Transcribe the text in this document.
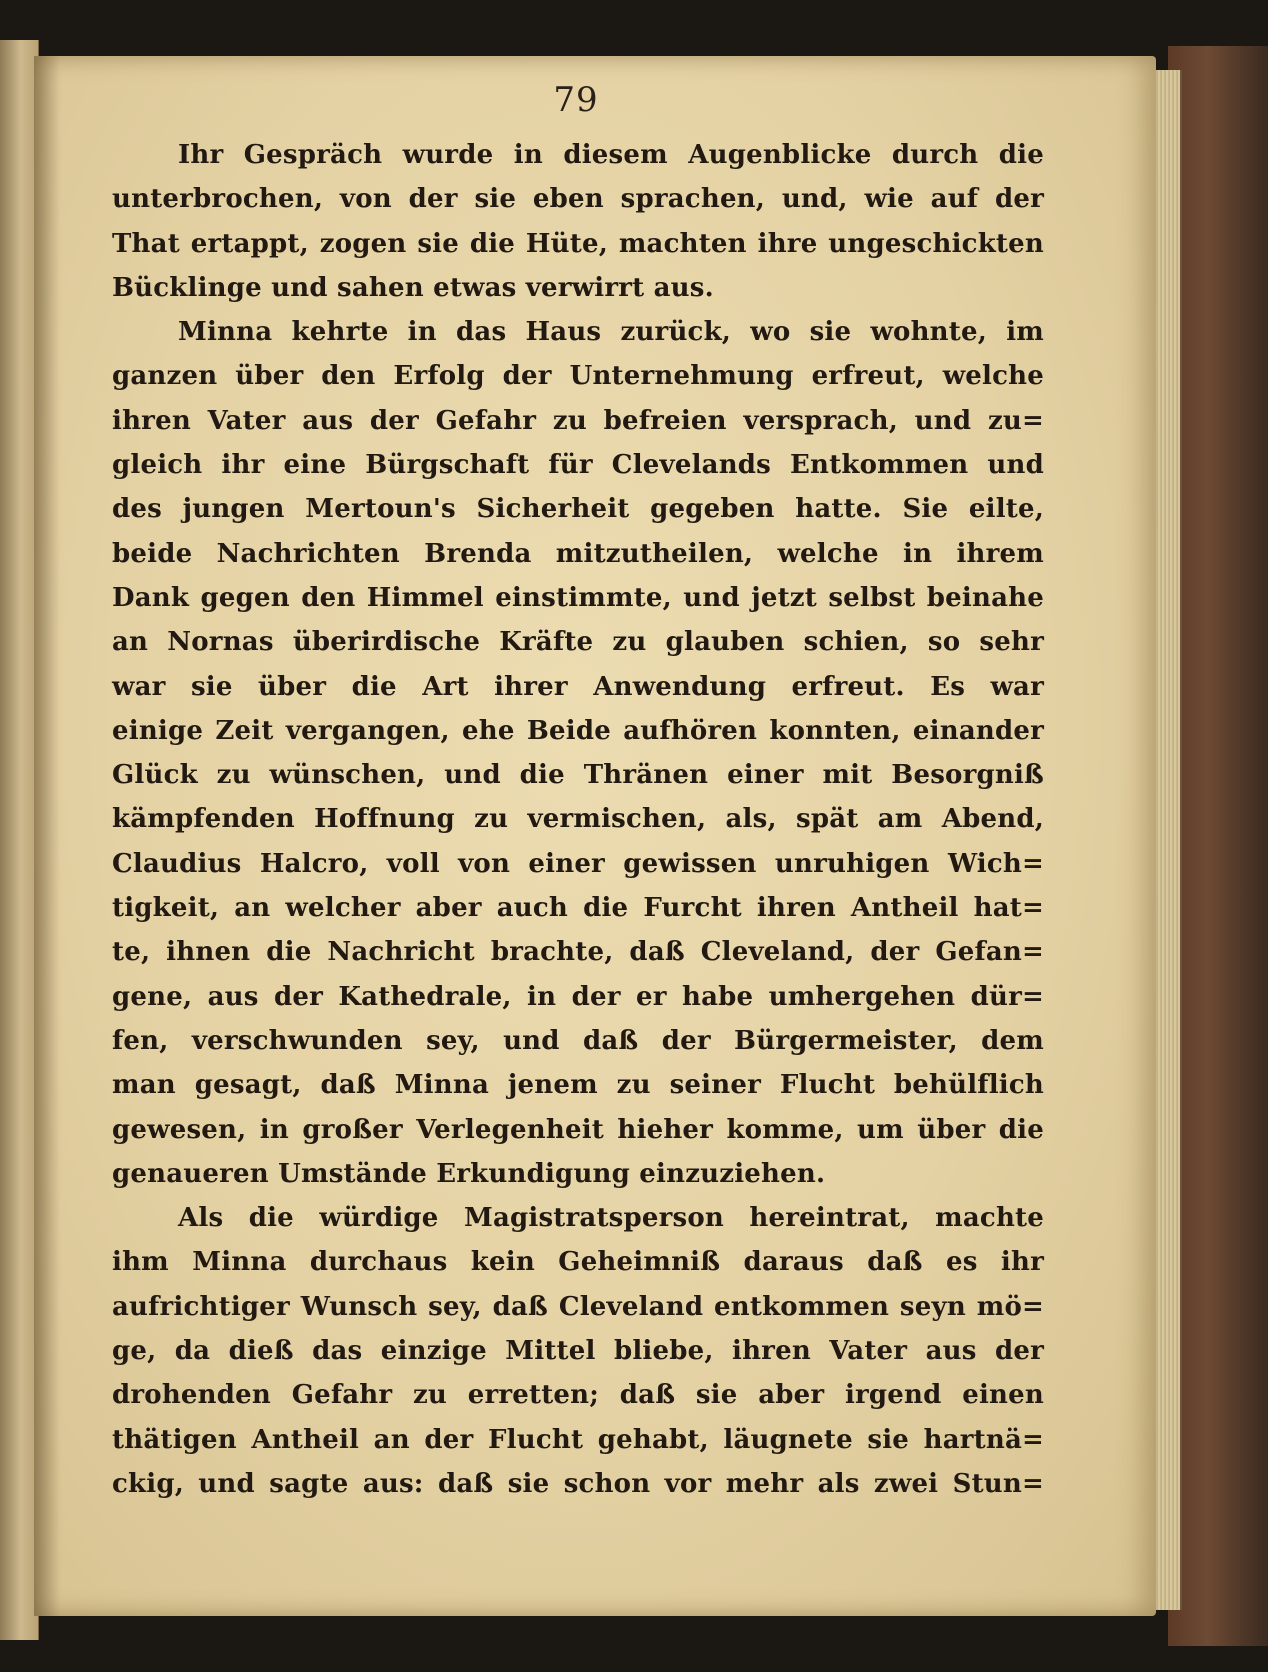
79
Ihr Gespräch wurde in diesem Augenblicke durch die
unterbrochen, von der sie eben sprachen, und, wie auf der
That ertappt, zogen sie die Hüte, machten ihre ungeschickten
Bücklinge und sahen etwas verwirrt aus.
Minna kehrte in das Haus zurück, wo sie wohnte, im
ganzen über den Erfolg der Unternehmung erfreut, welche
ihren Vater aus der Gefahr zu befreien versprach, und zu=
gleich ihr eine Bürgschaft für Clevelands Entkommen und
des jungen Mertoun's Sicherheit gegeben hatte. Sie eilte,
beide Nachrichten Brenda mitzutheilen, welche in ihrem
Dank gegen den Himmel einstimmte, und jetzt selbst beinahe
an Nornas überirdische Kräfte zu glauben schien, so sehr
war sie über die Art ihrer Anwendung erfreut. Es war
einige Zeit vergangen, ehe Beide aufhören konnten, einander
Glück zu wünschen, und die Thränen einer mit Besorgniß
kämpfenden Hoffnung zu vermischen, als, spät am Abend,
Claudius Halcro, voll von einer gewissen unruhigen Wich=
tigkeit, an welcher aber auch die Furcht ihren Antheil hat=
te, ihnen die Nachricht brachte, daß Cleveland, der Gefan=
gene, aus der Kathedrale, in der er habe umhergehen dür=
fen, verschwunden sey, und daß der Bürgermeister, dem
man gesagt, daß Minna jenem zu seiner Flucht behülflich
gewesen, in großer Verlegenheit hieher komme, um über die
genaueren Umstände Erkundigung einzuziehen.
Als die würdige Magistratsperson hereintrat, machte
ihm Minna durchaus kein Geheimniß daraus daß es ihr
aufrichtiger Wunsch sey, daß Cleveland entkommen seyn mö=
ge, da dieß das einzige Mittel bliebe, ihren Vater aus der
drohenden Gefahr zu erretten; daß sie aber irgend einen
thätigen Antheil an der Flucht gehabt, läugnete sie hartnä=
ckig, und sagte aus: daß sie schon vor mehr als zwei Stun=
